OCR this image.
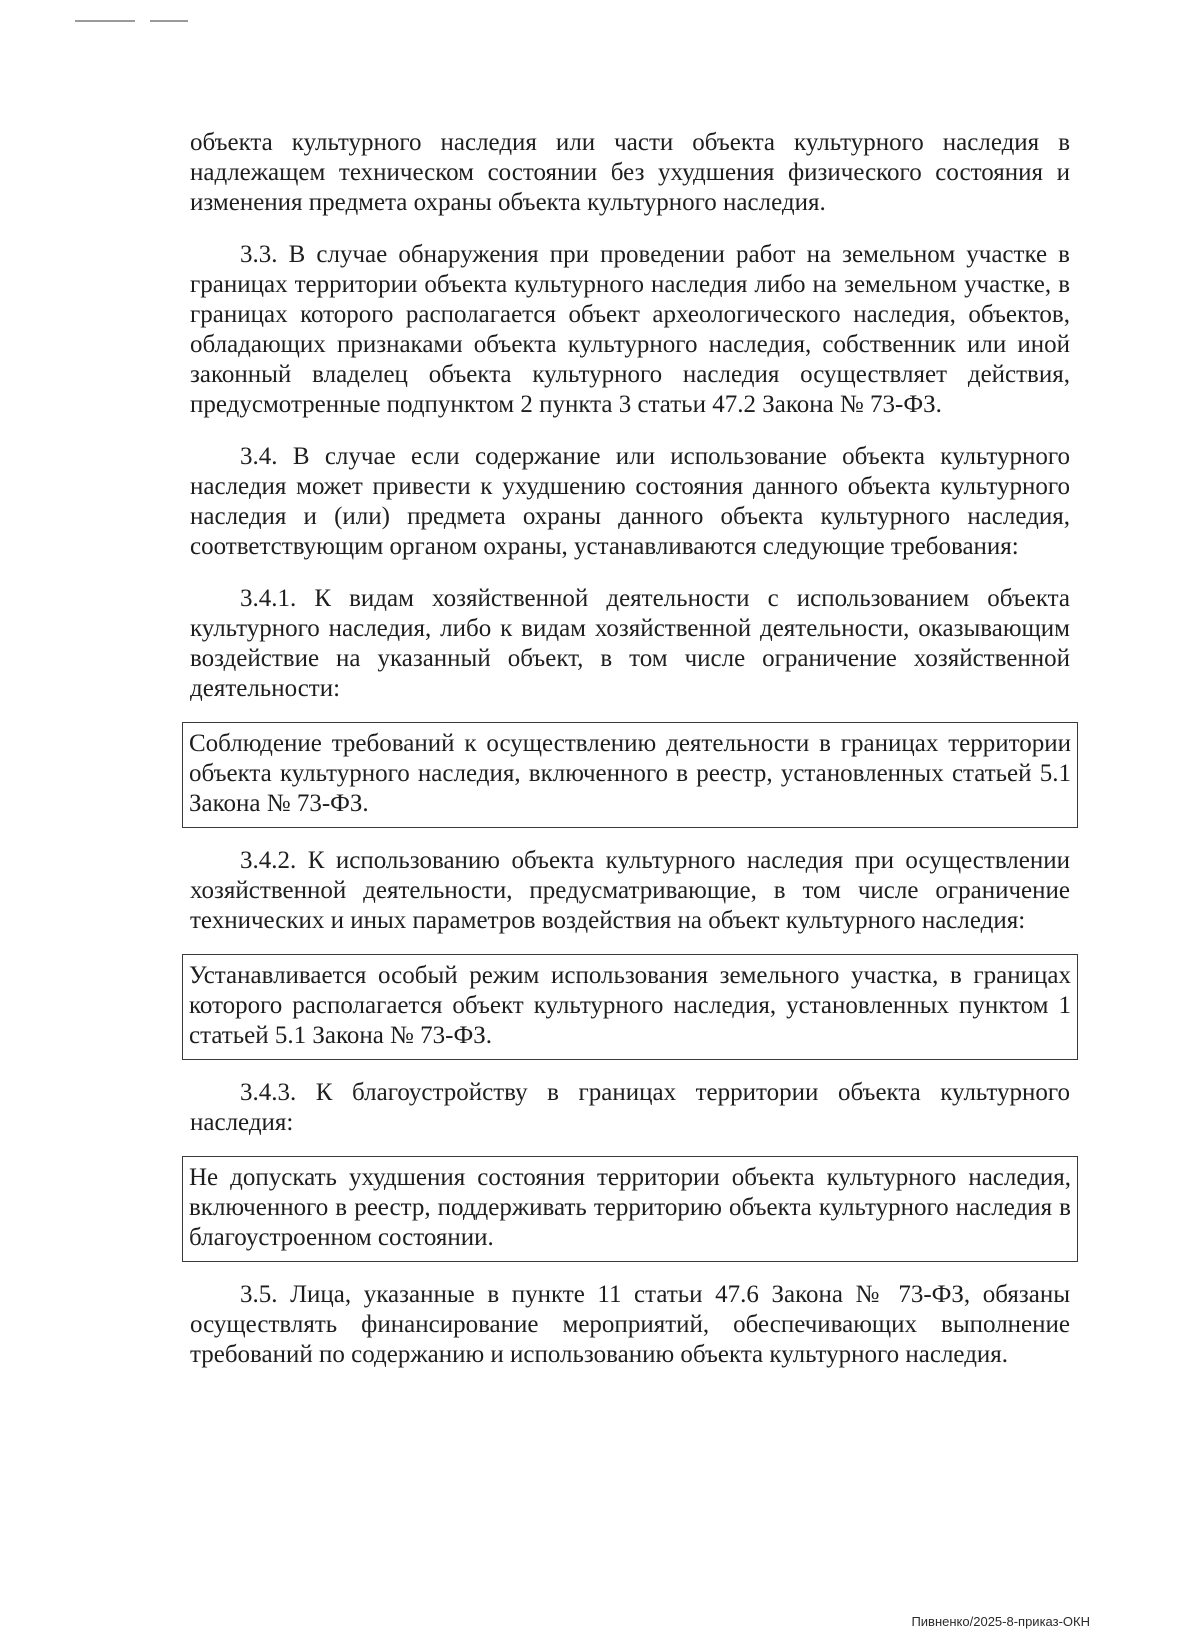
объекта культурного наследия или части объекта культурного наследия в надлежащем техническом состоянии без ухудшения физического состояния и изменения предмета охраны объекта культурного наследия.

3.3. В случае обнаружения при проведении работ на земельном участке в границах территории объекта культурного наследия либо на земельном участке, в границах которого располагается объект археологического наследия, объектов, обладающих признаками объекта культурного наследия, собственник или иной законный владелец объекта культурного наследия осуществляет действия, предусмотренные подпунктом 2 пункта 3 статьи 47.2 Закона № 73-ФЗ.

3.4. В случае если содержание или использование объекта культурного наследия может привести к ухудшению состояния данного объекта культурного наследия и (или) предмета охраны данного объекта культурного наследия, соответствующим органом охраны, устанавливаются следующие требования:

3.4.1. К видам хозяйственной деятельности с использованием объекта культурного наследия, либо к видам хозяйственной деятельности, оказывающим воздействие на указанный объект, в том числе ограничение хозяйственной деятельности:

Соблюдение требований к осуществлению деятельности в границах территории объекта культурного наследия, включенного в реестр, установленных статьей 5.1 Закона № 73-ФЗ.

3.4.2. К использованию объекта культурного наследия при осуществлении хозяйственной деятельности, предусматривающие, в том числе ограничение технических и иных параметров воздействия на объект культурного наследия:

Устанавливается особый режим использования земельного участка, в границах которого располагается объект культурного наследия, установленных пунктом 1 статьей 5.1 Закона № 73-ФЗ.

3.4.3. К благоустройству в границах территории объекта культурного наследия:

Не допускать ухудшения состояния территории объекта культурного наследия, включенного в реестр, поддерживать территорию объекта культурного наследия в благоустроенном состоянии.

3.5. Лица, указанные в пункте 11 статьи 47.6 Закона № 73-ФЗ, обязаны осуществлять финансирование мероприятий, обеспечивающих выполнение требований по содержанию и использованию объекта культурного наследия.

Пивненко/2025-8-приказ-ОКН
